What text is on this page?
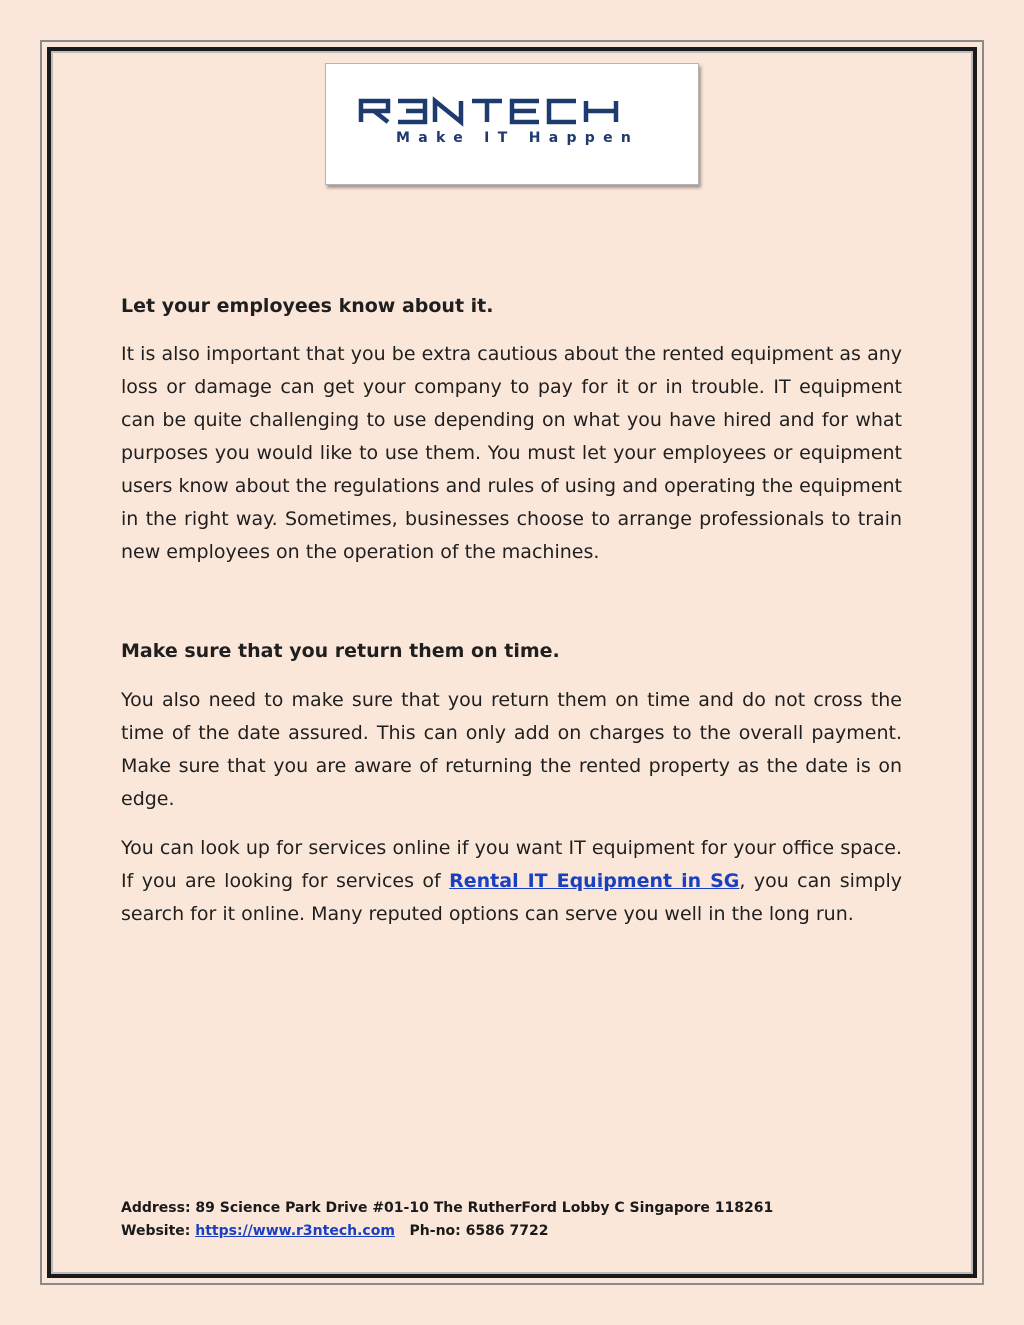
Make IT Happen

Let your employees know about it.

It is also important that you be extra cautious about the rented equipment as any loss or damage can get your company to pay for it or in trouble. IT equipment can be quite challenging to use depending on what you have hired and for what purposes you would like to use them. You must let your employees or equipment users know about the regulations and rules of using and operating the equipment in the right way. Sometimes, businesses choose to arrange professionals to train new employees on the operation of the machines.

Make sure that you return them on time.

You also need to make sure that you return them on time and do not cross the time of the date assured. This can only add on charges to the overall payment. Make sure that you are aware of returning the rented property as the date is on edge.

You can look up for services online if you want IT equipment for your office space. If you are looking for services of Rental IT Equipment in SG, you can simply search for it online. Many reputed options can serve you well in the long run.

Address: 89 Science Park Drive #01-10 The RutherFord Lobby C Singapore 118261
Website: https://www.r3ntech.com Ph-no: 6586 7722
